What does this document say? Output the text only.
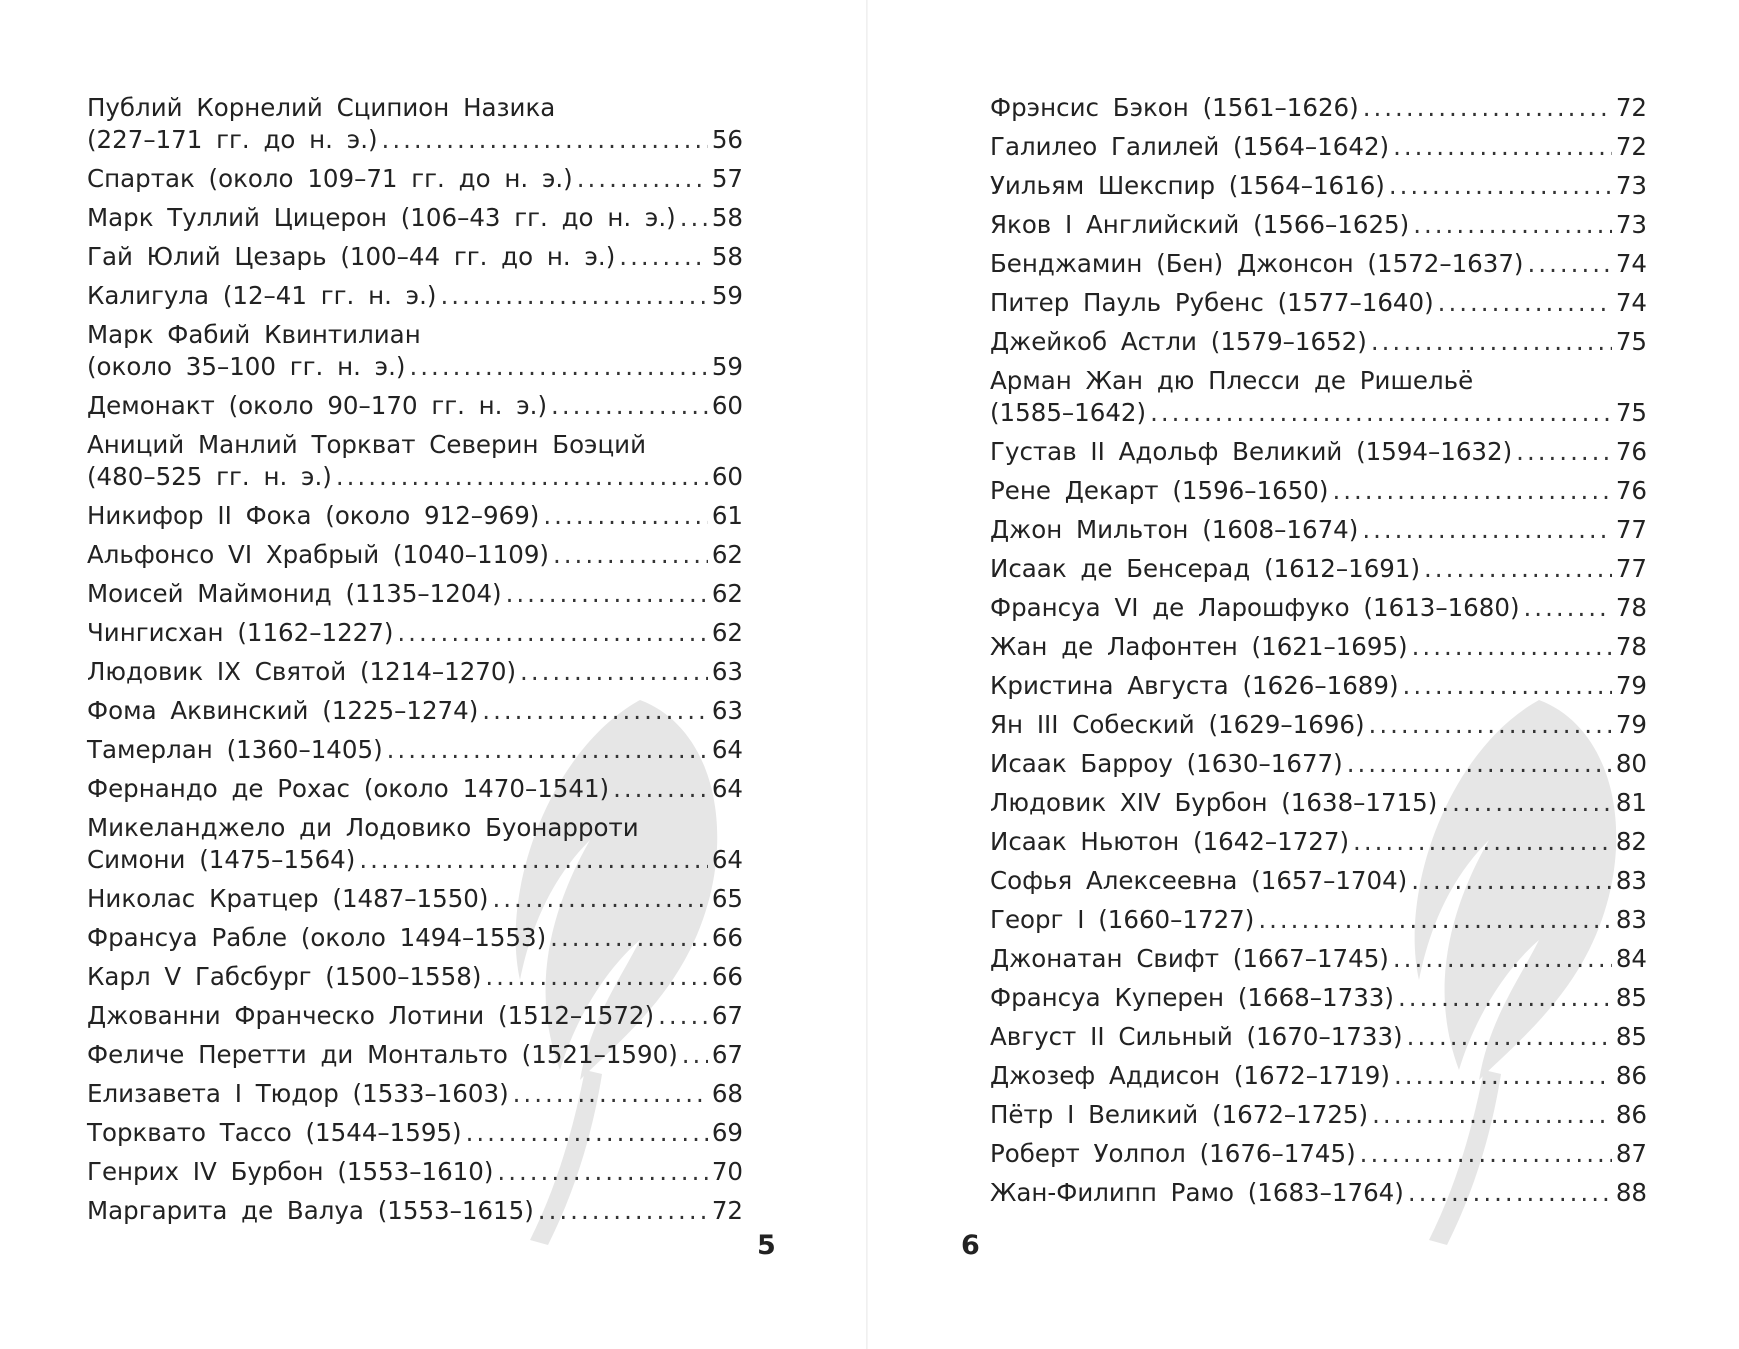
Публий Корнелий Сципион Назика
(227–171 гг. до н. э.) .....	56
Спартак (около 109–71 гг. до н. э.) .....	57
Марк Туллий Цицерон (106–43 гг. до н. э.) ..... 58
Гай Юлий Цезарь (100–44 гг. до н. э.) .....	58
Калигула (12–41 гг. н. э.) .....	59
Марк Фабий Квинтилиан
(около 35–100 гг. н. э.) .....	59
Демонакт (около 90–170 гг. н. э.) .....	60
Аниций Манлий Торкват Северин Боэций
(480–525 гг. н. э.) .....	60
Никифор II Фока (около 912–969) .....	61
Альфонсо VI Храбрый (1040–1109) .....	62
Моисей Маймонид (1135–1204) .....	62
Чингисхан (1162–1227) .....	62
Людовик IX Святой (1214–1270) .....	63
Фома Аквинский (1225–1274) .....	63
Тамерлан (1360–1405) .....	64
Фернандо де Рохас (около 1470–1541) .....	64
Микеланджело ди Лодовико Буонарроти
Симони (1475–1564) .....	64
Николас Кратцер (1487–1550) .....	65
Франсуа Рабле (около 1494–1553) .....	66
Карл V Габсбург (1500–1558) .....	66
Джованни Франческо Лотини (1512–1572) ..... 67
Феличе Перетти ди Монтальто (1521–1590) ..... 67
Елизавета I Тюдор (1533–1603) .....	68
Торквато Тассо (1544–1595) .....	69
Генрих IV Бурбон (1553–1610) .....	70
Маргарита де Валуа (1553–1615) .....	72
5
Фрэнсис Бэкон (1561–1626) .....	72
Галилео Галилей (1564–1642) .....	72
Уильям Шекспир (1564–1616) .....	73
Яков I Английский (1566–1625) .....	73
Бенджамин (Бен) Джонсон (1572–1637) .....	74
Питер Пауль Рубенс (1577–1640) .....	74
Джейкоб Астли (1579–1652) .....	75
Арман Жан дю Плесси де Ришельё
(1585–1642) .....	75
Густав II Адольф Великий (1594–1632) .....	76
Рене Декарт (1596–1650) .....	76
Джон Мильтон (1608–1674) .....	77
Исаак де Бенсерад (1612–1691) .....	77
Франсуа VI де Ларошфуко (1613–1680) .....	78
Жан де Лафонтен (1621–1695) .....	78
Кристина Августа (1626–1689) .....	79
Ян III Собеский (1629–1696) .....	79
Исаак Барроу (1630–1677) .....	80
Людовик XIV Бурбон (1638–1715) .....	81
Исаак Ньютон (1642–1727) .....	82
Софья Алексеевна (1657–1704) .....	83
Георг I (1660–1727) .....	83
Джонатан Свифт (1667–1745) .....	84
Франсуа Куперен (1668–1733) .....	85
Август II Сильный (1670–1733) .....	85
Джозеф Аддисон (1672–1719) .....	86
Пётр I Великий (1672–1725) .....	86
Роберт Уолпол (1676–1745) .....	87
Жан-Филипп Рамо (1683–1764) .....	88
6
